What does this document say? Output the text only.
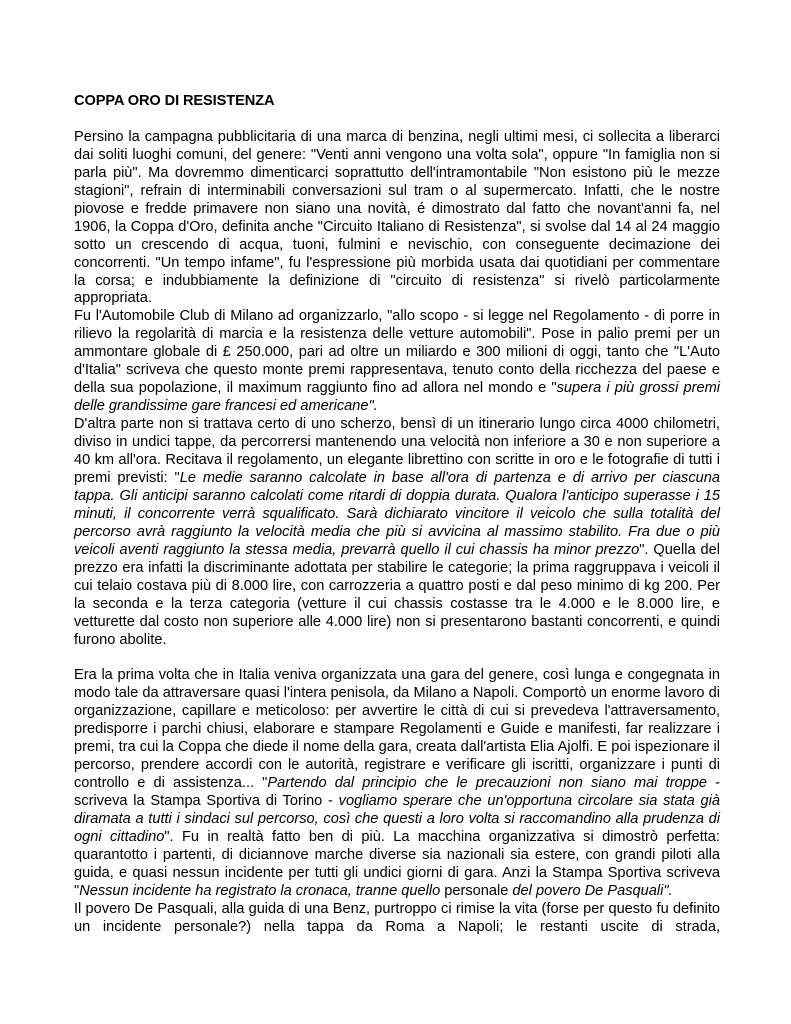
COPPA ORO DI RESISTENZA

Persino la campagna pubblicitaria di una marca di benzina, negli ultimi mesi, ci sollecita a liberarci dai soliti luoghi comuni, del genere: "Venti anni vengono una volta sola", oppure "In famiglia non si parla più". Ma dovremmo dimenticarci soprattutto dell'intramontabile "Non esistono più le mezze stagioni", refrain di interminabili conversazioni sul tram o al supermercato. Infatti, che le nostre piovose e fredde primavere non siano una novità, é dimostrato dal fatto che novant'anni fa, nel 1906, la Coppa d'Oro, definita anche "Circuito Italiano di Resistenza", si svolse dal 14 al 24 maggio sotto un crescendo di acqua, tuoni, fulmini e nevischio, con conseguente decimazione dei concorrenti. "Un tempo infame", fu l'espressione più morbida usata dai quotidiani per commentare la corsa; e indubbiamente la definizione di "circuito di resistenza" si rivelò particolarmente appropriata.

Fu l'Automobile Club di Milano ad organizzarlo, "allo scopo - si legge nel Regolamento - di porre in rilievo la regolarità di marcia e la resistenza delle vetture automobili". Pose in palio premi per un ammontare globale di £ 250.000, pari ad oltre un miliardo e 300 milioni di oggi, tanto che "L'Auto d'Italia" scriveva che questo monte premi rappresentava, tenuto conto della ricchezza del paese e della sua popolazione, il maximum raggiunto fino ad allora nel mondo e "supera i più grossi premi delle grandissime gare francesi ed americane".

D'altra parte non si trattava certo di uno scherzo, bensì di un itinerario lungo circa 4000 chilometri, diviso in undici tappe, da percorrersi mantenendo una velocità non inferiore a 30 e non superiore a 40 km all'ora. Recitava il regolamento, un elegante librettino con scritte in oro e le fotografie di tutti i premi previsti: "Le medie saranno calcolate in base all'ora di partenza e di arrivo per ciascuna tappa. Gli anticipi saranno calcolati come ritardi di doppia durata. Qualora l'anticipo superasse i 15 minuti, il concorrente verrà squalificato. Sarà dichiarato vincitore il veicolo che sulla totalità del percorso avrà raggiunto la velocità media che più si avvicina al massimo stabilito. Fra due o più veicoli aventi raggiunto la stessa media, prevarrà quello il cui chassis ha minor prezzo". Quella del prezzo era infatti la discriminante adottata per stabilire le categorie; la prima raggruppava i veicoli il cui telaio costava più di 8.000 lire, con carrozzeria a quattro posti e dal peso minimo di kg 200. Per la seconda e la terza categoria (vetture il cui chassis costasse tra le 4.000 e le 8.000 lire, e vetturette dal costo non superiore alle 4.000 lire) non si presentarono bastanti concorrenti, e quindi furono abolite.

Era la prima volta che in Italia veniva organizzata una gara del genere, così lunga e congegnata in modo tale da attraversare quasi l'intera penisola, da Milano a Napoli. Comportò un enorme lavoro di organizzazione, capillare e meticoloso: per avvertire le città di cui si prevedeva l'attraversamento, predisporre i parchi chiusi, elaborare e stampare Regolamenti e Guide e manifesti, far realizzare i premi, tra cui la Coppa che diede il nome della gara, creata dall'artista Elia Ajolfi. E poi ispezionare il percorso, prendere accordi con le autorità, registrare e verificare gli iscritti, organizzare i punti di controllo e di assistenza... "Partendo dal principio che le precauzioni non siano mai troppe - scriveva la Stampa Sportiva di Torino - vogliamo sperare che un'opportuna circolare sia stata già diramata a tutti i sindaci sul percorso, così che questi a loro volta si raccomandino alla prudenza di ogni cittadino". Fu in realtà fatto ben di più. La macchina organizzativa si dimostrò perfetta: quarantotto i partenti, di diciannove marche diverse sia nazionali sia estere, con grandi piloti alla guida, e quasi nessun incidente per tutti gli undici giorni di gara. Anzi la Stampa Sportiva scriveva "Nessun incidente ha registrato la cronaca, tranne quello personale del povero De Pasquali".

Il povero De Pasquali, alla guida di una Benz, purtroppo ci rimise la vita (forse per questo fu definito un incidente personale?) nella tappa da Roma a Napoli; le restanti uscite di strada,
